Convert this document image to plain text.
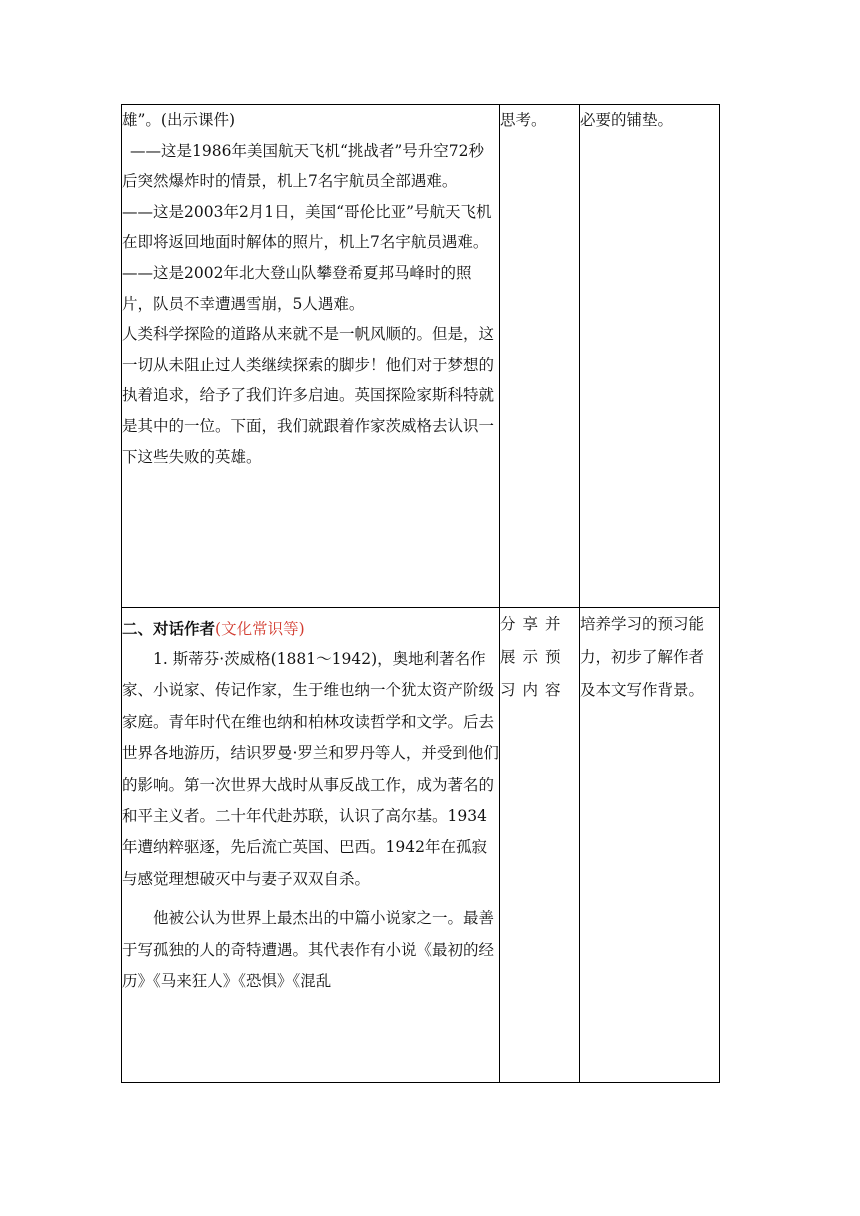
雄”。(出示课件)
——这是1986年美国航天飞机“挑战者”号升空72秒后突然爆炸时的情景，机上7名宇航员全部遇难。
——这是2003年2月1日，美国“哥伦比亚”号航天飞机在即将返回地面时解体的照片，机上7名宇航员遇难。
——这是2002年北大登山队攀登希夏邦马峰时的照片，队员不幸遭遇雪崩，5人遇难。
人类科学探险的道路从来就不是一帆风顺的。但是，这一切从未阻止过人类继续探索的脚步！他们对于梦想的执着追求，给予了我们许多启迪。英国探险家斯科特就是其中的一位。下面，我们就跟着作家茨威格去认识一下这些失败的英雄。	思考。	必要的铺垫。

二、对话作者(文化常识等)
1. 斯蒂芬·茨威格(1881～1942)，奥地利著名作家、小说家、传记作家，生于维也纳一个犹太资产阶级家庭。青年时代在维也纳和柏林攻读哲学和文学。后去世界各地游历，结识罗曼·罗兰和罗丹等人，并受到他们的影响。第一次世界大战时从事反战工作，成为著名的和平主义者。二十年代赴苏联，认识了高尔基。1934年遭纳粹驱逐，先后流亡英国、巴西。1942年在孤寂与感觉理想破灭中与妻子双双自杀。
他被公认为世界上最杰出的中篇小说家之一。最善于写孤独的人的奇特遭遇。其代表作有小说《最初的经历》《马来狂人》《恐惧》《混乱	分享并展示预习内容	培养学习的预习能力，初步了解作者及本文写作背景。
